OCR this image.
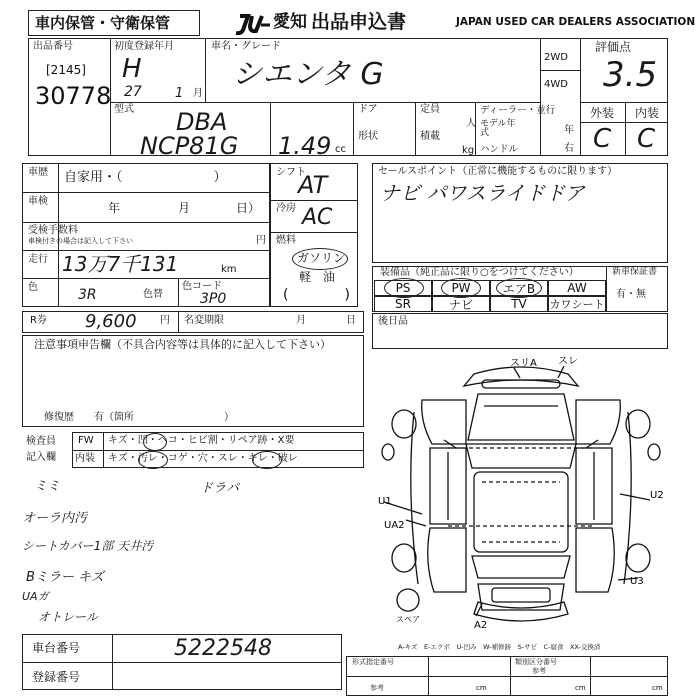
車内保管・守衛保管	愛知 出品申込書	JAPAN USED CAR DEALERS ASSOCIATION
出品番号
[2145]
30778
初度登録年月
H
27	1 月
車名・グレード
シエンタ G	2WD
4WD
評価点
3.5
型式 DBA
NCP81G 1.49 cc
ドア
形状
定員
人
積載
kg
ディーラー・並行
モデル年式	年
ハンドル	右
外装 内装
C C
車歴 自家用・（　　　　　　　）
車検	年	月	日）
受検手数料
車検付きの場合は記入して下さい	円
走行 13万7千131	km
色	3R	色替
色コード
3P0
シフト
AT
冷房 AC
燃料
ガソリン
軽　油
(　　　　)
R券 9,600 円 名変期限	月	日
セールスポイント（正常に機能するものに限ります）
ナビ パワスライドドア
装備品（純正品に限り○をつけてください）	新車保証書
有・無
PS	PW	エアB	AW
SR	ナビ	TV	カワシート
後日品
注意事項申告欄（不具合内容等は具体的に記入して下さい）
修復歴　　有（箇所　　　　　　　　　）
検査員
記入欄
FW キズ・凹・ヘコ・ヒビ割・リペア跡・X要
内装 キズ・汚レ・コゲ・穴・スレ・キレ・破レ
ミミ	ドラバ
オーラ内汚
シートカバー1部 天井汚
Bミラー キズ
UAガ
オトレール
スリA スレ
U1
UA2
U2
U3
A2
スペア
A-キズ　E-エクボ　U-凹み　W-補修跡　S-サビ　C-腐食　XX-交換済
車台番号	5222548
登録番号
形式指定番号	類別区分番号
参考
参考
cm	cm	cm
